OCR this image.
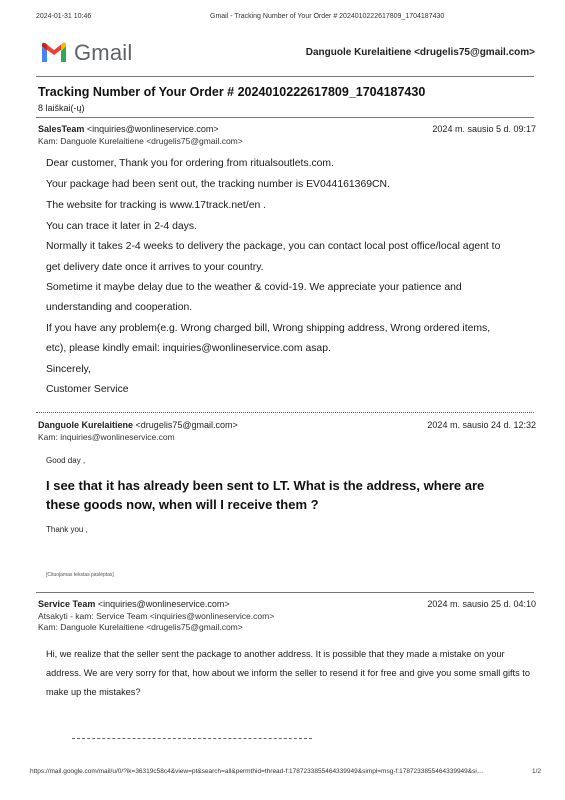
2024-01-31 10:46	Gmail - Tracking Number of Your Order # 2024010222617809_1704187430
Gmail	Danguole Kurelaitiene <drugelis75@gmail.com>
Tracking Number of Your Order # 2024010222617809_1704187430
8 laiškai(-ų)
SalesTeam <inquiries@wonlineservice.com>	2024 m. sausio 5 d. 09:17
Kam: Danguole Kurelaitiene <drugelis75@gmail.com>
Dear customer, Thank you for ordering from ritualsoutlets.com.
Your package had been sent out, the tracking number is EV044161369CN.
The website for tracking is www.17track.net/en .
You can trace it later in 2-4 days.
Normally it takes 2-4 weeks to delivery the package, you can contact local post office/local agent to
get delivery date once it arrives to your country.
Sometime it maybe delay due to the weather & covid-19. We appreciate your patience and
understanding and cooperation.
If you have any problem(e.g. Wrong charged bill, Wrong shipping address, Wrong ordered items,
etc), please kindly email: inquiries@wonlineservice.com asap.
Sincerely,
Customer Service
Danguole Kurelaitiene <drugelis75@gmail.com>	2024 m. sausio 24 d. 12:32
Kam: inquiries@wonlineservice.com
Good day ,
I see that it has already been sent to LT. What is the address, where are these goods now, when will I receive them ?
Thank you ,
[Cituojamas tekstas paslėptas]
Service Team <inquiries@wonlineservice.com>	2024 m. sausio 25 d. 04:10
Atsakyti - kam: Service Team <inquiries@wonlineservice.com>
Kam: Danguole Kurelaitiene <drugelis75@gmail.com>
Hi, we realize that the seller sent the package to another address. It is possible that they made a mistake on your address. We are very sorry for that, how about we inform the seller to resend it for free and give you some small gifts to make up the mistakes?
https://mail.google.com/mail/u/0/?ik=36319c58c4&view=pt&search=all&permthid=thread-f:1787233855464339949&simpl=msg-f:1787233855464339949&si…	1/2
